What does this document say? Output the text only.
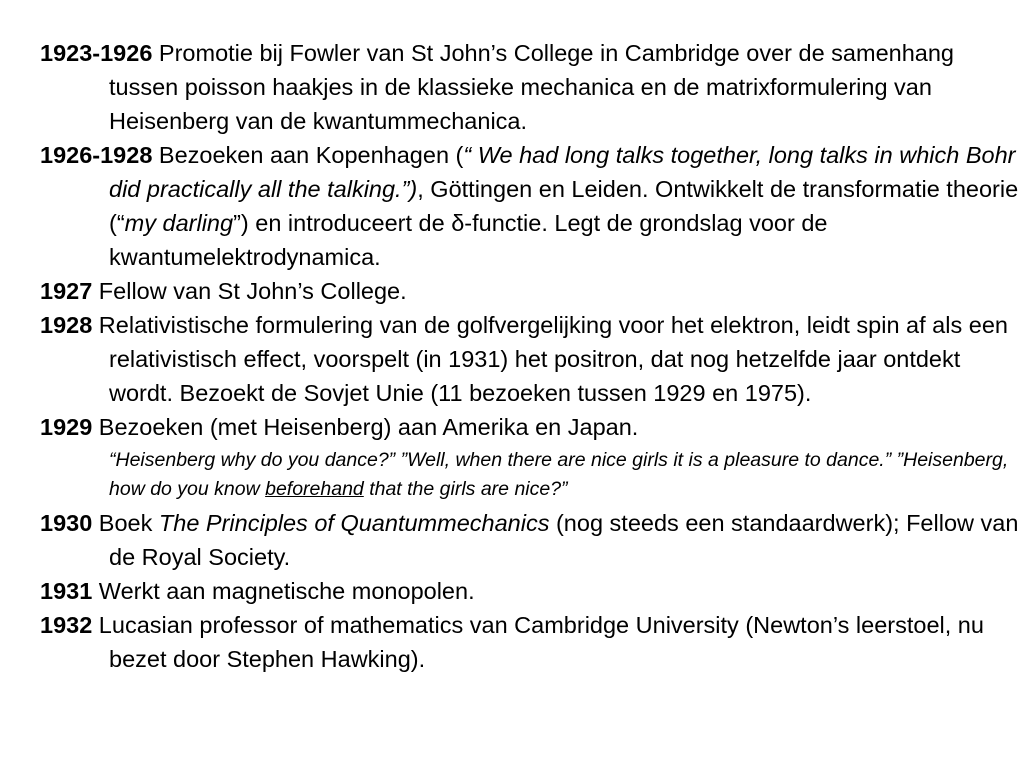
1923-1926 Promotie bij Fowler van St John’s College in Cambridge over de samenhang tussen poisson haakjes in de klassieke mechanica en de matrixformulering van Heisenberg van de kwantummechanica.

1926-1928 Bezoeken aan Kopenhagen (“ We had long talks together, long talks in which Bohr did practically all the talking.”), Göttingen en Leiden. Ontwikkelt de transformatie theorie (“my darling”) en introduceert de δ-functie. Legt de grondslag voor de kwantumelektrodynamica.

1927 Fellow van St John’s College.

1928 Relativistische formulering van de golfvergelijking voor het elektron, leidt spin af als een relativistisch effect, voorspelt (in 1931) het positron, dat nog hetzelfde jaar ontdekt wordt. Bezoekt de Sovjet Unie (11 bezoeken tussen 1929 en 1975).

1929 Bezoeken (met Heisenberg) aan Amerika en Japan.

“Heisenberg why do you dance?” ”Well, when there are nice girls it is a pleasure to dance.” ”Heisenberg, how do you know beforehand that the girls are nice?”

1930 Boek The Principles of Quantummechanics (nog steeds een standaardwerk); Fellow van de Royal Society.

1931 Werkt aan magnetische monopolen.

1932 Lucasian professor of mathematics van Cambridge University (Newton’s leerstoel, nu bezet door Stephen Hawking).
